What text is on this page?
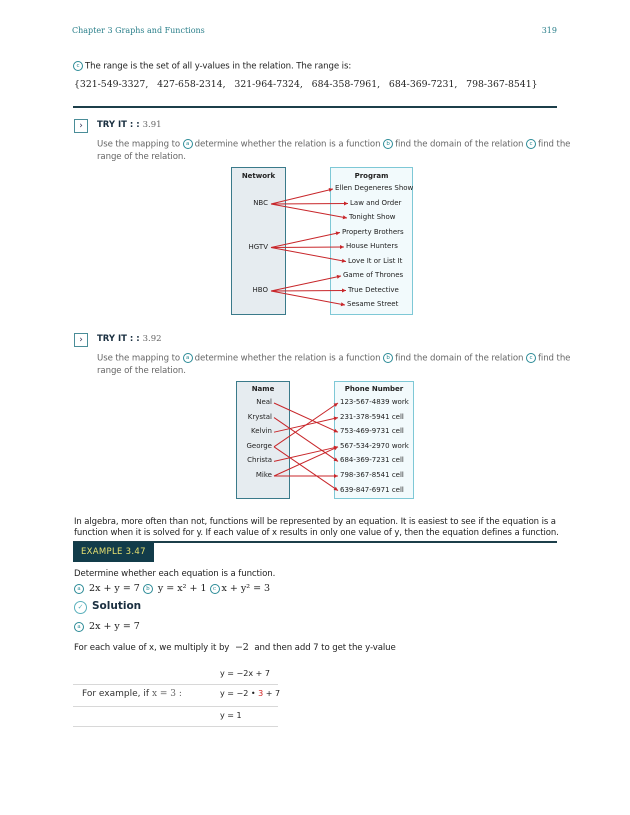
Chapter 3 Graphs and Functions	319
c The range is the set of all y-values in the relation. The range is:
{321-549-3327,   427-658-2314,   321-964-7324,   684-358-7961,   684-369-7231,   798-367-8541}
›	TRY IT : : 3.91
Use the mapping to a determine whether the relation is a function b find the domain of the relation c find the
range of the relation.
Network	Program
NBC
HGTV
HBO
Ellen Degeneres Show
Law and Order
Tonight Show
Property Brothers
House Hunters
Love It or List It
Game of Thrones
True Detective
Sesame Street
›	TRY IT : : 3.92
Use the mapping to a determine whether the relation is a function b find the domain of the relation c find the
range of the relation.
Name	Phone Number
Neal
Krystal
Kelvin
George
Christa
Mike
123-567-4839 work
231-378-5941 cell
753-469-9731 cell
567-534-2970 work
684-369-7231 cell
798-367-8541 cell
639-847-6971 cell
In algebra, more often than not, functions will be represented by an equation. It is easiest to see if the equation is a
function when it is solved for y. If each value of x results in only one value of y, then the equation defines a function.
EXAMPLE 3.47
Determine whether each equation is a function.
a 2x + y = 7 b y = x² + 1 c x + y² = 3
✓ Solution
a 2x + y = 7
For each value of x, we multiply it by −2 and then add 7 to get the y-value
y = −2x + 7
For example, if x = 3 :	y = −2 • 3 + 7
y = 1
